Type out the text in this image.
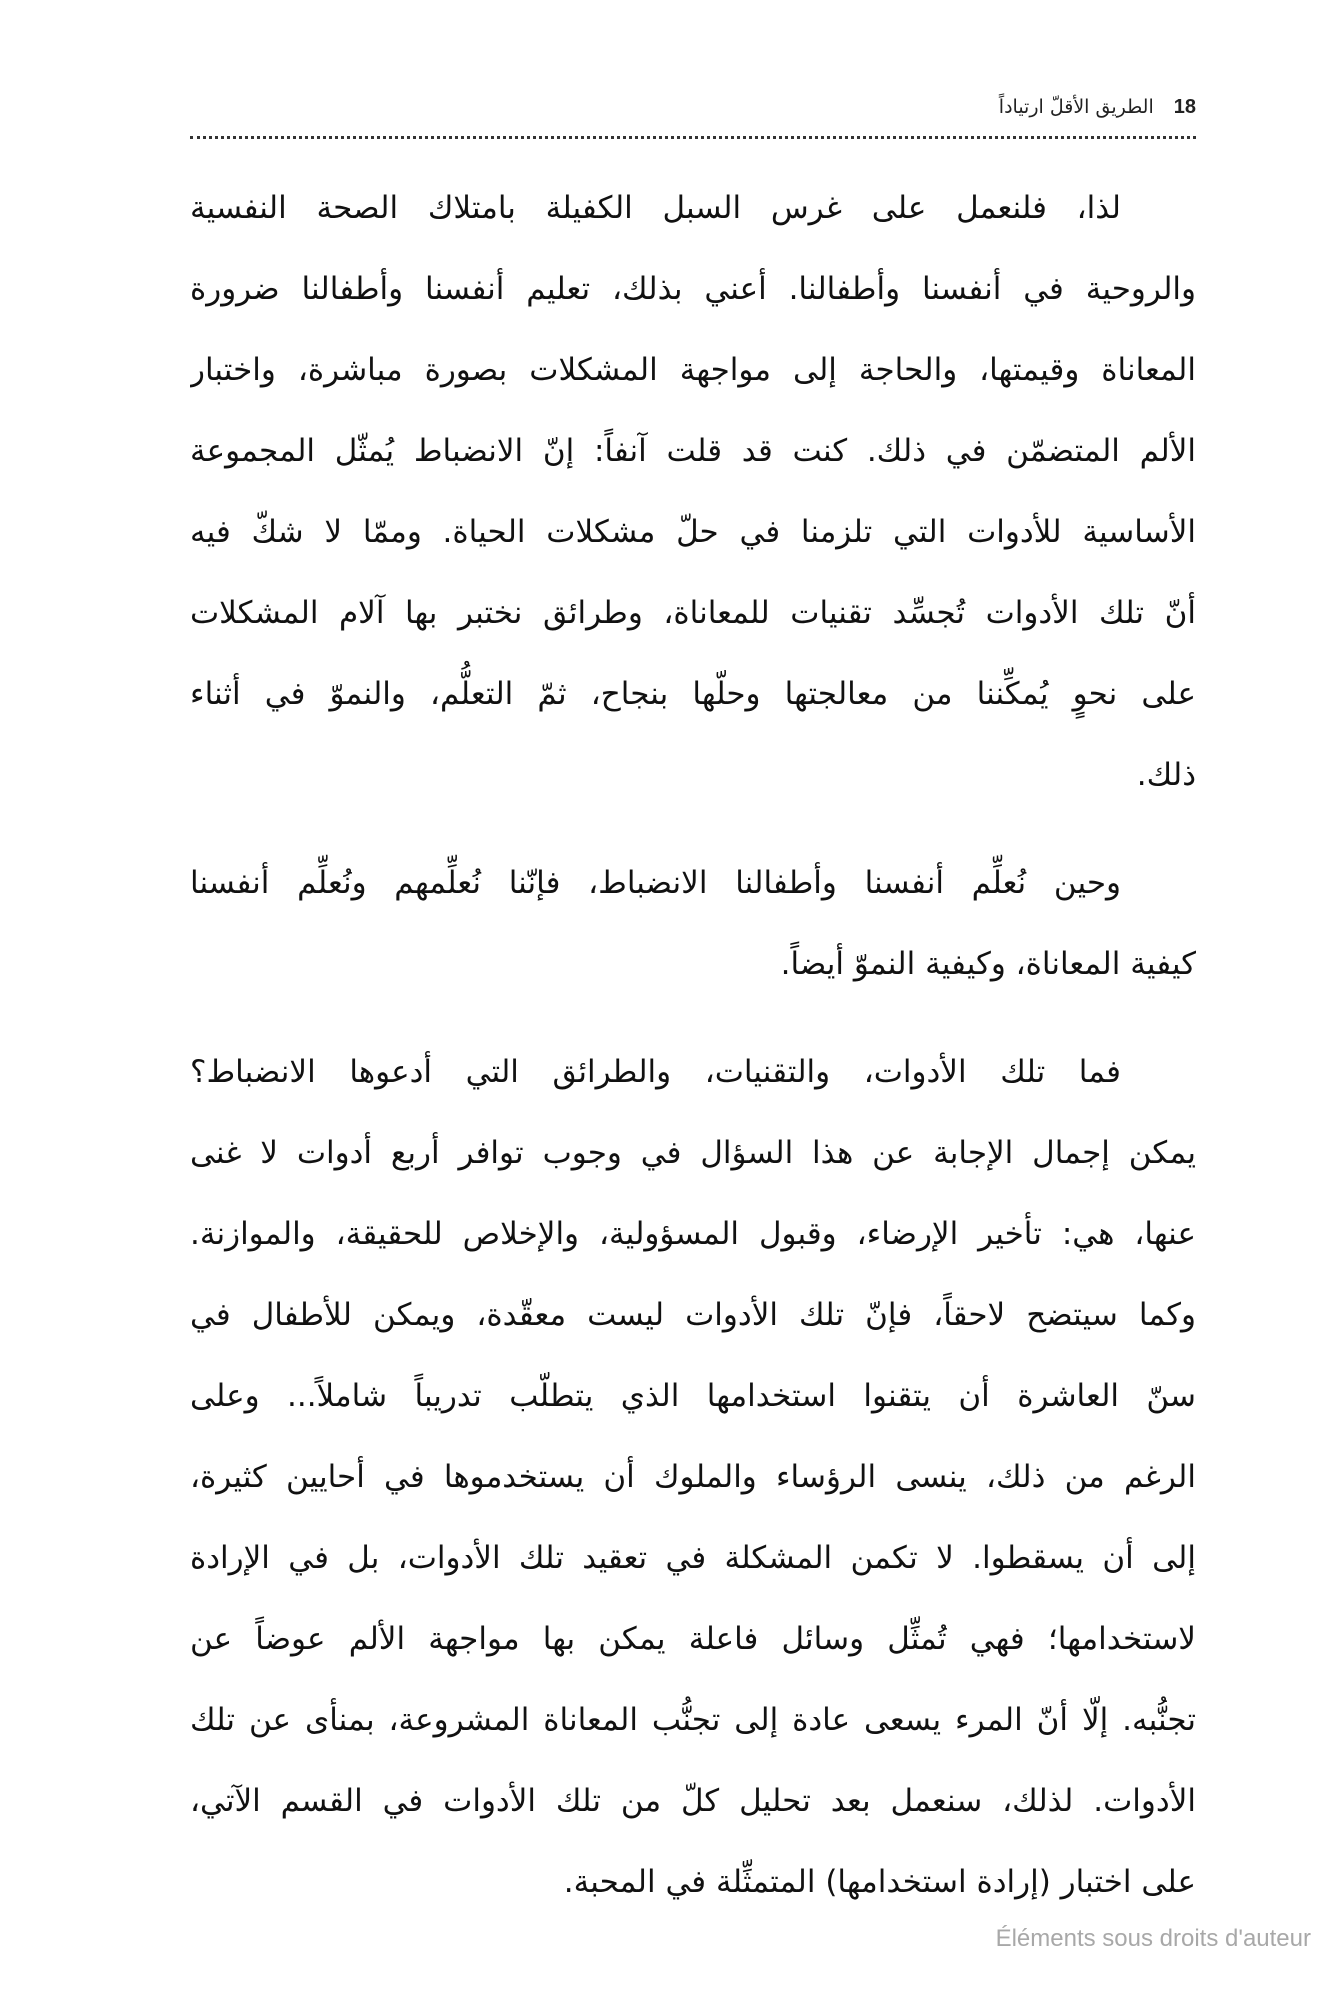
18
الطريق الأقلّ ارتياداً

لذا، فلنعمل على غرس السبل الكفيلة بامتلاك الصحة النفسية
والروحية في أنفسنا وأطفالنا. أعني بذلك، تعليم أنفسنا وأطفالنا ضرورة
المعاناة وقيمتها، والحاجة إلى مواجهة المشكلات بصورة مباشرة، واختبار
الألم المتضمّن في ذلك. كنت قد قلت آنفاً: إنّ الانضباط يُمثّل المجموعة
الأساسية للأدوات التي تلزمنا في حلّ مشكلات الحياة. وممّا لا شكّ فيه
أنّ تلك الأدوات تُجسِّد تقنيات للمعاناة، وطرائق نختبر بها آلام المشكلات
على نحوٍ يُمكِّننا من معالجتها وحلّها بنجاح، ثمّ التعلُّم، والنموّ في أثناء
ذلك.

وحين نُعلِّم أنفسنا وأطفالنا الانضباط، فإنّنا نُعلِّمهم ونُعلِّم أنفسنا
كيفية المعاناة، وكيفية النموّ أيضاً.

فما تلك الأدوات، والتقنيات، والطرائق التي أدعوها الانضباط؟
يمكن إجمال الإجابة عن هذا السؤال في وجوب توافر أربع أدوات لا غنى
عنها، هي: تأخير الإرضاء، وقبول المسؤولية، والإخلاص للحقيقة، والموازنة.
وكما سيتضح لاحقاً، فإنّ تلك الأدوات ليست معقّدة، ويمكن للأطفال في
سنّ العاشرة أن يتقنوا استخدامها الذي يتطلّب تدريباً شاملاً... وعلى
الرغم من ذلك، ينسى الرؤساء والملوك أن يستخدموها في أحايين كثيرة،
إلى أن يسقطوا. لا تكمن المشكلة في تعقيد تلك الأدوات، بل في الإرادة
لاستخدامها؛ فهي تُمثِّل وسائل فاعلة يمكن بها مواجهة الألم عوضاً عن
تجنُّبه. إلّا أنّ المرء يسعى عادة إلى تجنُّب المعاناة المشروعة، بمنأى عن تلك
الأدوات. لذلك، سنعمل بعد تحليل كلّ من تلك الأدوات في القسم الآتي،
على اختبار (إرادة استخدامها) المتمثِّلة في المحبة.

Éléments sous droits d'auteur
